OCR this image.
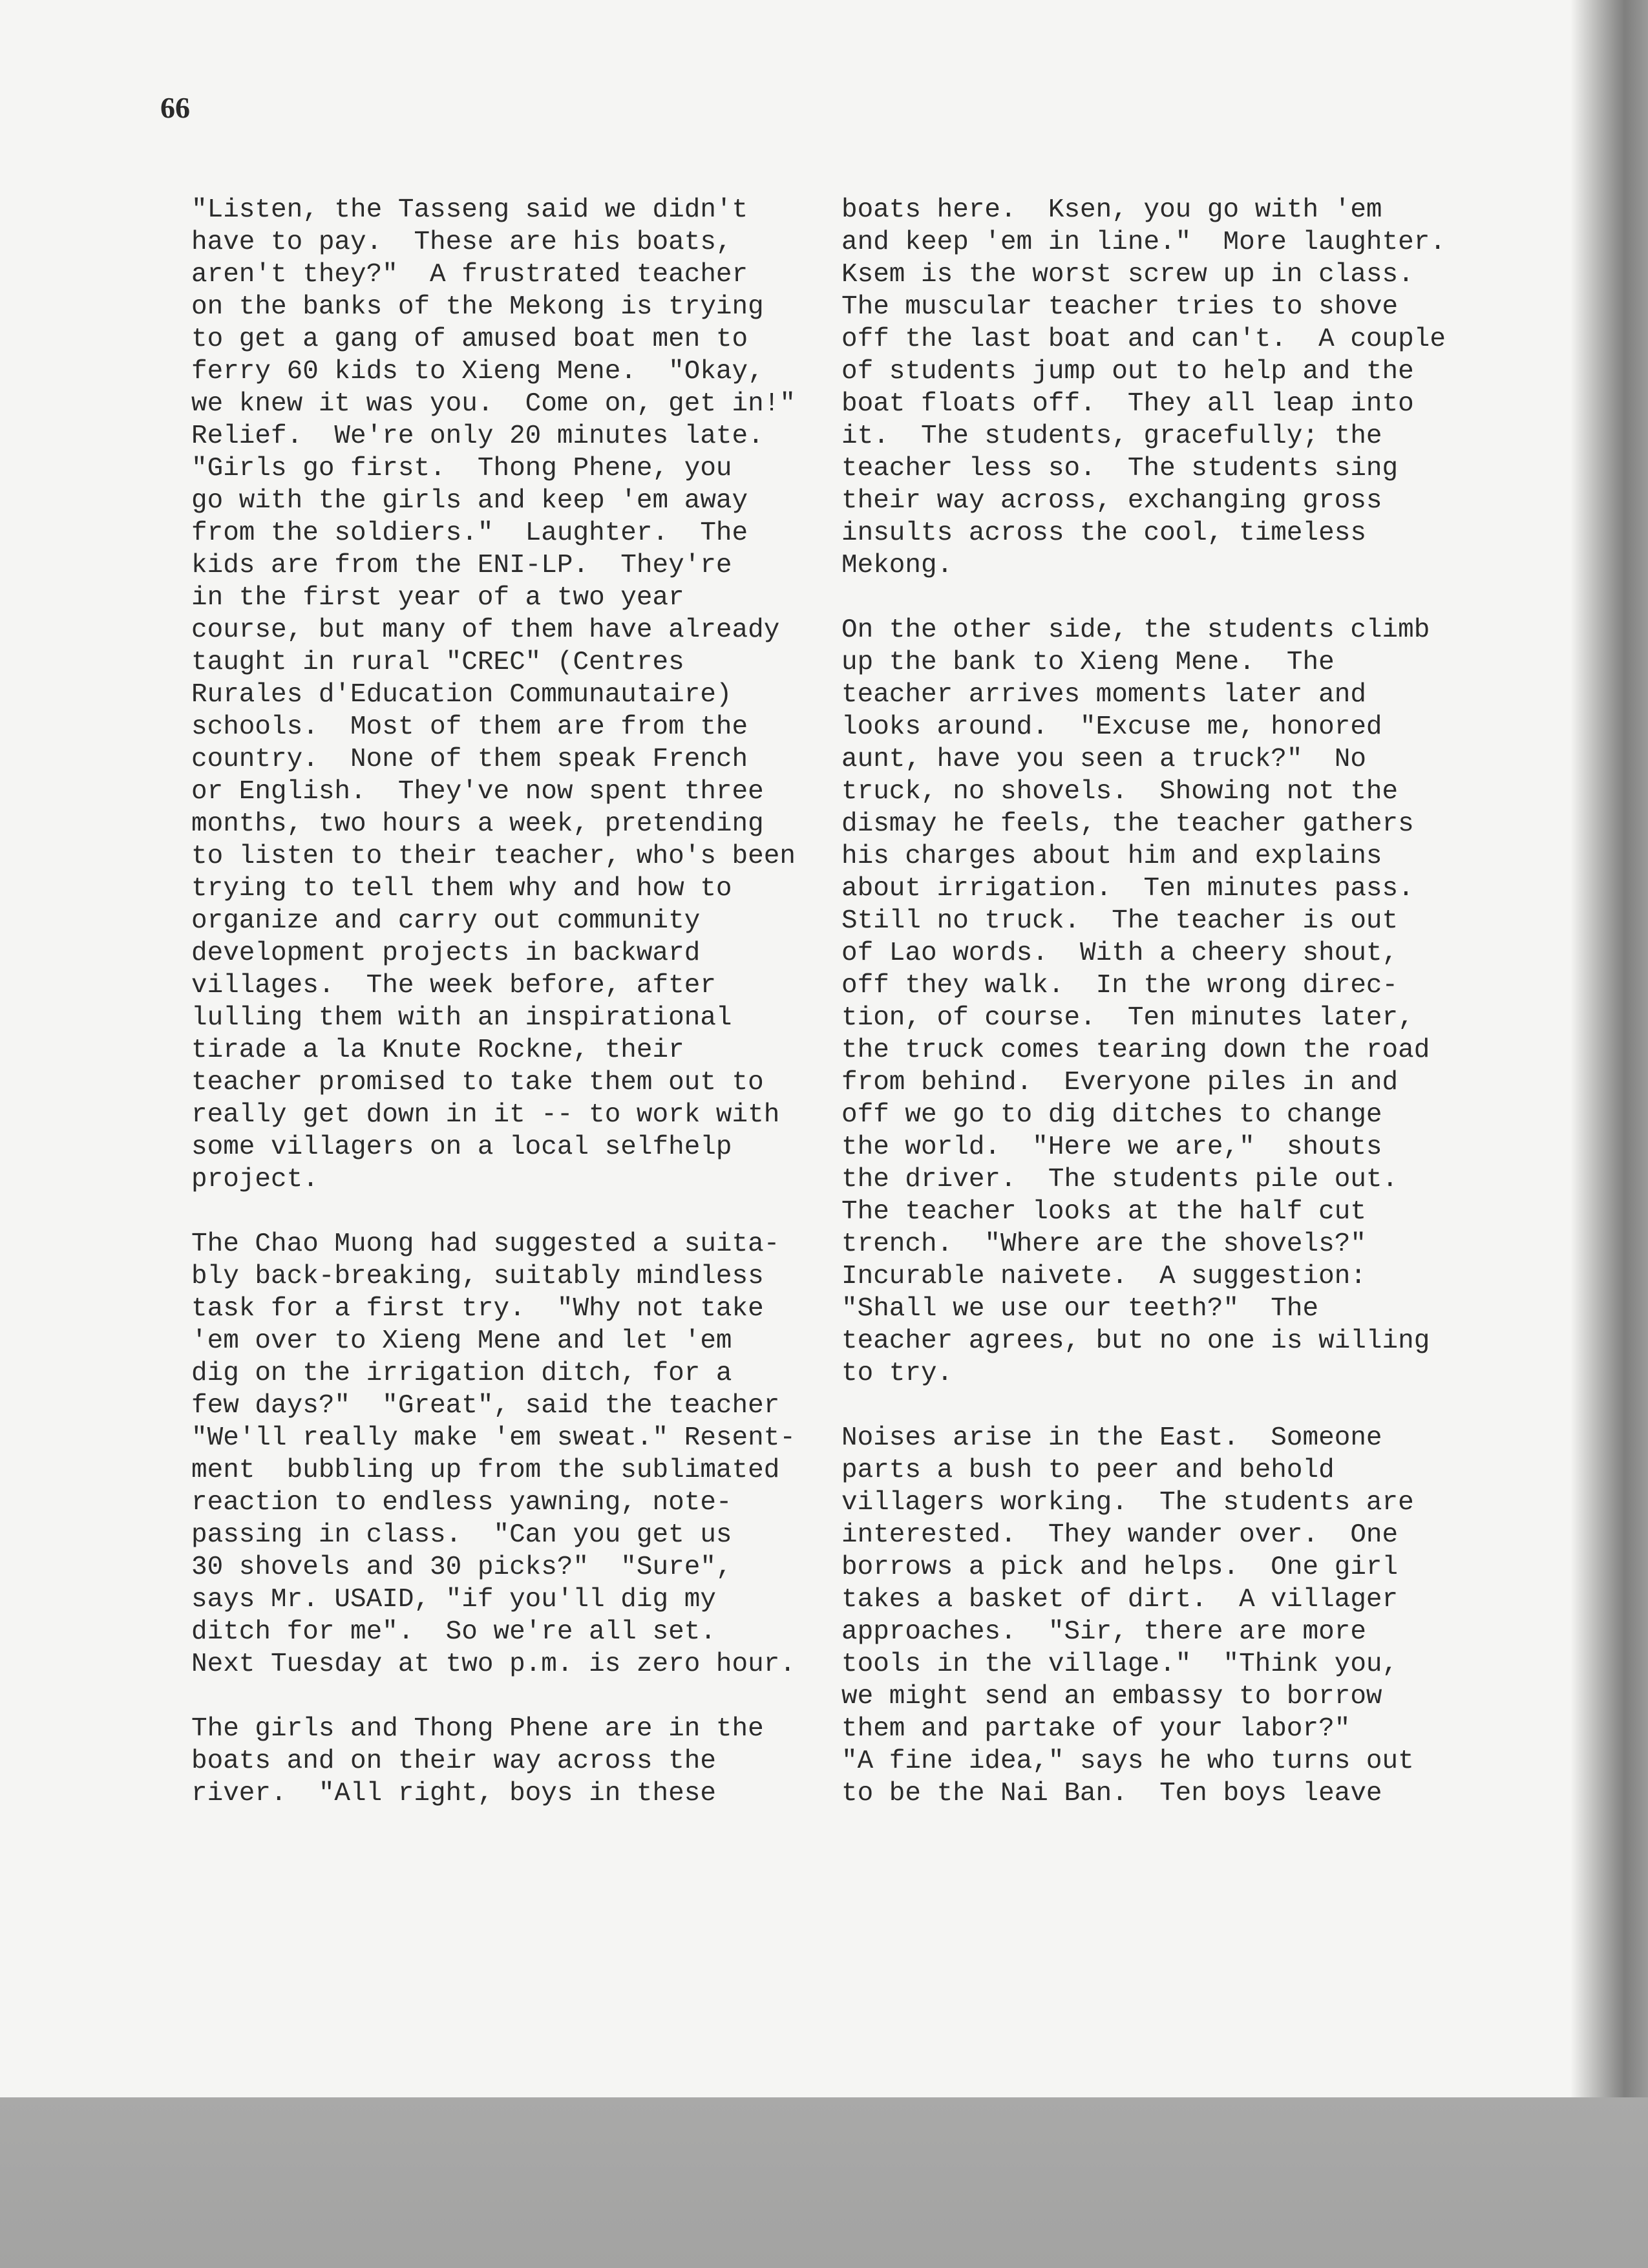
66
"Listen, the Tasseng said we didn't
have to pay.  These are his boats,
aren't they?"  A frustrated teacher
on the banks of the Mekong is trying
to get a gang of amused boat men to
ferry 60 kids to Xieng Mene.  "Okay,
we knew it was you.  Come on, get in!"
Relief.  We're only 20 minutes late.
"Girls go first.  Thong Phene, you
go with the girls and keep 'em away
from the soldiers."  Laughter.  The
kids are from the ENI-LP.  They're
in the first year of a two year
course, but many of them have already
taught in rural "CREC" (Centres
Rurales d'Education Communautaire)
schools.  Most of them are from the
country.  None of them speak French
or English.  They've now spent three
months, two hours a week, pretending
to listen to their teacher, who's been
trying to tell them why and how to
organize and carry out community
development projects in backward
villages.  The week before, after
lulling them with an inspirational
tirade a la Knute Rockne, their
teacher promised to take them out to
really get down in it -- to work with
some villagers on a local selfhelp
project.
The Chao Muong had suggested a suita-
bly back-breaking, suitably mindless
task for a first try.  "Why not take
'em over to Xieng Mene and let 'em
dig on the irrigation ditch, for a
few days?"  "Great", said the teacher
"We'll really make 'em sweat." Resent-
ment  bubbling up from the sublimated
reaction to endless yawning, note-
passing in class.  "Can you get us
30 shovels and 30 picks?"  "Sure",
says Mr. USAID, "if you'll dig my
ditch for me".  So we're all set.
Next Tuesday at two p.m. is zero hour.
The girls and Thong Phene are in the
boats and on their way across the
river.  "All right, boys in these
boats here.  Ksen, you go with 'em
and keep 'em in line."  More laughter.
Ksem is the worst screw up in class.
The muscular teacher tries to shove
off the last boat and can't.  A couple
of students jump out to help and the
boat floats off.  They all leap into
it.  The students, gracefully; the
teacher less so.  The students sing
their way across, exchanging gross
insults across the cool, timeless
Mekong.
On the other side, the students climb
up the bank to Xieng Mene.  The
teacher arrives moments later and
looks around.  "Excuse me, honored
aunt, have you seen a truck?"  No
truck, no shovels.  Showing not the
dismay he feels, the teacher gathers
his charges about him and explains
about irrigation.  Ten minutes pass.
Still no truck.  The teacher is out
of Lao words.  With a cheery shout,
off they walk.  In the wrong direc-
tion, of course.  Ten minutes later,
the truck comes tearing down the road
from behind.  Everyone piles in and
off we go to dig ditches to change
the world.  "Here we are,"  shouts
the driver.  The students pile out.
The teacher looks at the half cut
trench.  "Where are the shovels?"
Incurable naivete.  A suggestion:
"Shall we use our teeth?"  The
teacher agrees, but no one is willing
to try.
Noises arise in the East.  Someone
parts a bush to peer and behold
villagers working.  The students are
interested.  They wander over.  One
borrows a pick and helps.  One girl
takes a basket of dirt.  A villager
approaches.  "Sir, there are more
tools in the village."  "Think you,
we might send an embassy to borrow
them and partake of your labor?"
"A fine idea," says he who turns out
to be the Nai Ban.  Ten boys leave
